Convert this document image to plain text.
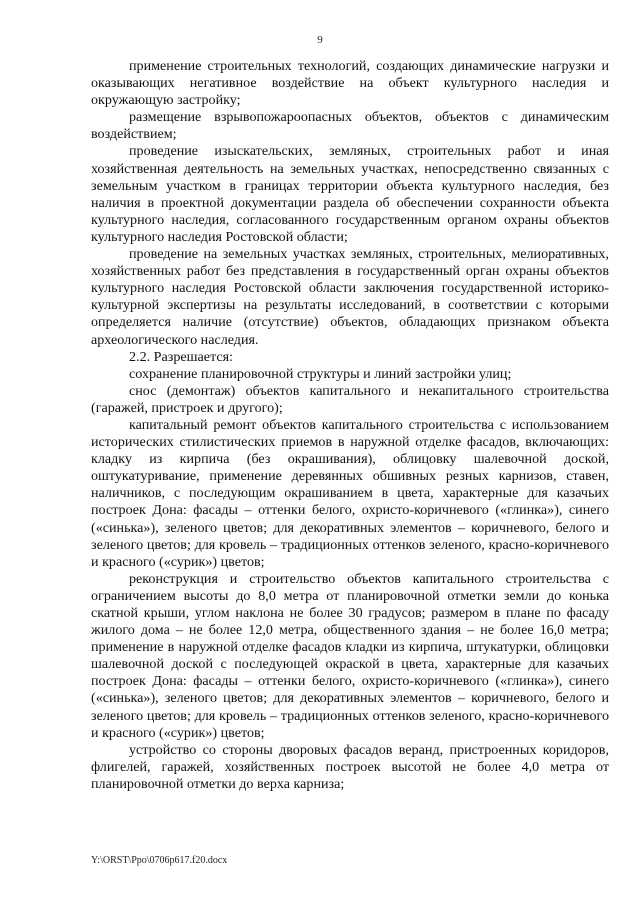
9

применение строительных технологий, создающих динамические нагрузки и оказывающих негативное воздействие на объект культурного наследия и окружающую застройку;

размещение взрывопожароопасных объектов, объектов с динамическим воздействием;

проведение изыскательских, земляных, строительных работ и иная хозяйственная деятельность на земельных участках, непосредственно связанных с земельным участком в границах территории объекта культурного наследия, без наличия в проектной документации раздела об обеспечении сохранности объекта культурного наследия, согласованного государственным органом охраны объектов культурного наследия Ростовской области;

проведение на земельных участках земляных, строительных, мелиоративных, хозяйственных работ без представления в государственный орган охраны объектов культурного наследия Ростовской области заключения государственной историко-культурной экспертизы на результаты исследований, в соответствии с которыми определяется наличие (отсутствие) объектов, обладающих признаком объекта археологического наследия.

2.2. Разрешается:

сохранение планировочной структуры и линий застройки улиц;

снос (демонтаж) объектов капитального и некапитального строительства (гаражей, пристроек и другого);

капитальный ремонт объектов капитального строительства с использованием исторических стилистических приемов в наружной отделке фасадов, включающих: кладку из кирпича (без окрашивания), облицовку шалевочной доской, оштукатуривание, применение деревянных обшивных резных карнизов, ставен, наличников, с последующим окрашиванием в цвета, характерные для казачьих построек Дона: фасады – оттенки белого, охристо-коричневого («глинка»), синего («синька»), зеленого цветов; для декоративных элементов – коричневого, белого и зеленого цветов; для кровель – традиционных оттенков зеленого, красно-коричневого и красного («сурик») цветов;

реконструкция и строительство объектов капитального строительства с ограничением высоты до 8,0 метра от планировочной отметки земли до конька скатной крыши, углом наклона не более 30 градусов; размером в плане по фасаду жилого дома – не более 12,0 метра, общественного здания – не более 16,0 метра; применение в наружной отделке фасадов кладки из кирпича, штукатурки, облицовки шалевочной доской с последующей окраской в цвета, характерные для казачьих построек Дона: фасады – оттенки белого, охристо-коричневого («глинка»), синего («синька»), зеленого цветов; для декоративных элементов – коричневого, белого и зеленого цветов; для кровель – традиционных оттенков зеленого, красно-коричневого и красного («сурик») цветов;

устройство со стороны дворовых фасадов веранд, пристроенных коридоров, флигелей, гаражей, хозяйственных построек высотой не более 4,0 метра от планировочной отметки до верха карниза;

Y:\ORST\Ppo\0706p617.f20.docx
